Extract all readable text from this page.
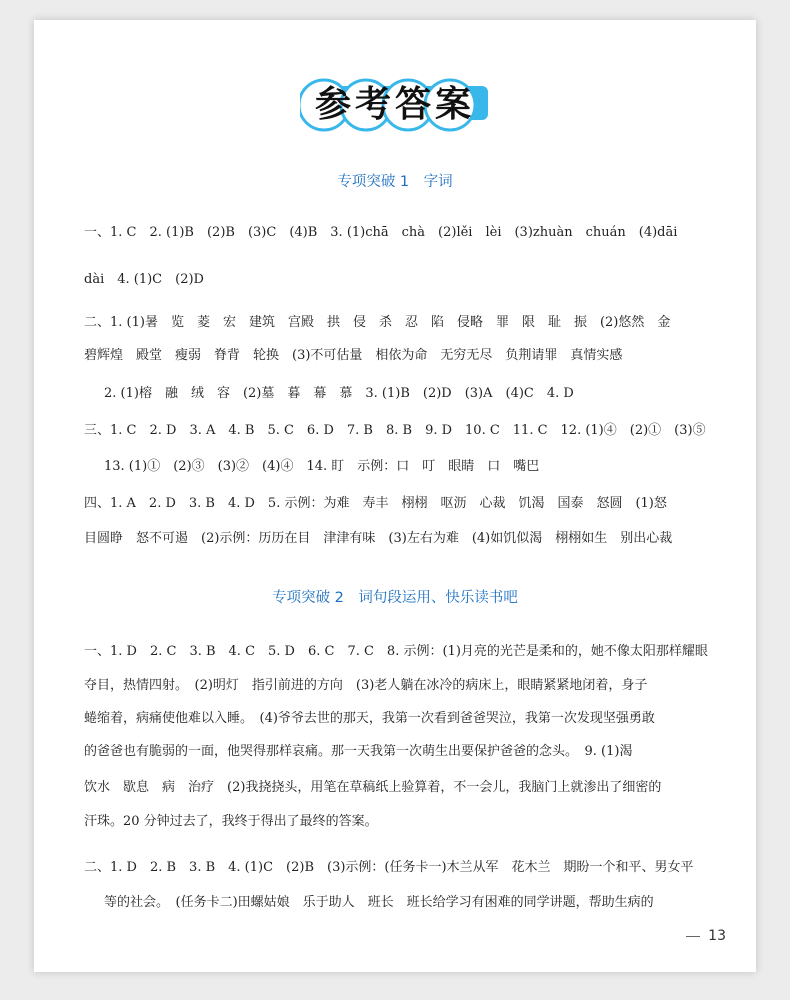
参考答案
专项突破 1　字词
一、1. C　2. (1)B　(2)B　(3)C　(4)B　3. (1)chā　chà　(2)lěi　lèi　(3)zhuàn　chuán　(4)dāi
dài　4. (1)C　(2)D
二、1. (1)暑　览　菱　宏　建筑　宫殿　拱　侵　杀　忍　陷　侵略　罪　限　耻　振　(2)悠然　金
碧辉煌　殿堂　瘦弱　脊背　轮换　(3)不可估量　相依为命　无穷无尽　负荆请罪　真情实感
2. (1)榕　融　绒　容　(2)墓　暮　幕　慕　3. (1)B　(2)D　(3)A　(4)C　4. D
三、1. C　2. D　3. A　4. B　5. C　6. D　7. B　8. B　9. D　10. C　11. C　12. (1)④　(2)①　(3)⑤
13. (1)①　(2)③　(3)②　(4)④　14. 盯　示例：口　叮　眼睛　口　嘴巴
四、1. A　2. D　3. B　4. D　5. 示例：为难　寿丰　栩栩　呕沥　心裁　饥渴　国泰　怒圆　(1)怒
目圆睁　怒不可遏　(2)示例：历历在目　津津有味　(3)左右为难　(4)如饥似渴　栩栩如生　别出心裁
专项突破 2　词句段运用、快乐读书吧
一、1. D　2. C　3. B　4. C　5. D　6. C　7. C　8. 示例：(1)月亮的光芒是柔和的，她不像太阳那样耀眼
夺目，热情四射。　(2)明灯　指引前进的方向　(3)老人躺在冰冷的病床上，眼睛紧紧地闭着，身子
蜷缩着，病痛使他难以入睡。　(4)爷爷去世的那天，我第一次看到爸爸哭泣，我第一次发现坚强勇敢
的爸爸也有脆弱的一面，他哭得那样哀痛。那一天我第一次萌生出要保护爸爸的念头。　9. (1)渴
饮水　歇息　病　治疗　(2)我挠挠头，用笔在草稿纸上验算着，不一会儿，我脑门上就渗出了细密的
汗珠。20 分钟过去了，我终于得出了最终的答案。
二、1. D　2. B　3. B　4. (1)C　(2)B　(3)示例：(任务卡一)木兰从军　花木兰　期盼一个和平、男女平
等的社会。　(任务卡二)田螺姑娘　乐于助人　班长　班长给学习有困难的同学讲题，帮助生病的
13
